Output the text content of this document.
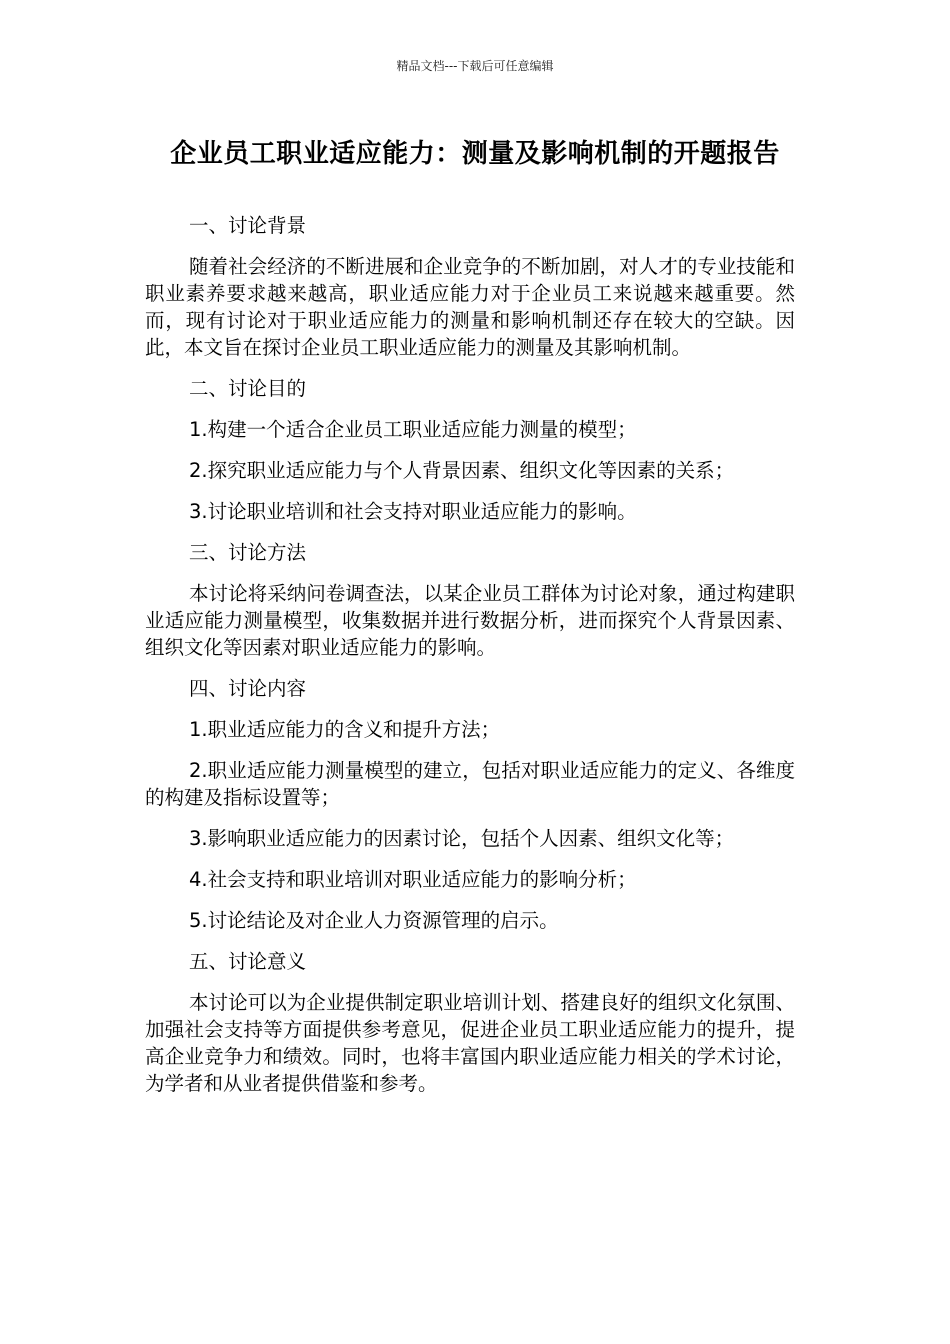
精品文档---下载后可任意编辑
企业员工职业适应能力：测量及影响机制的开题报告

一、讨论背景

随着社会经济的不断进展和企业竞争的不断加剧，对人才的专业技能和职业素养要求越来越高，职业适应能力对于企业员工来说越来越重要。然而，现有讨论对于职业适应能力的测量和影响机制还存在较大的空缺。因此，本文旨在探讨企业员工职业适应能力的测量及其影响机制。

二、讨论目的

1.构建一个适合企业员工职业适应能力测量的模型；

2.探究职业适应能力与个人背景因素、组织文化等因素的关系；

3.讨论职业培训和社会支持对职业适应能力的影响。

三、讨论方法

本讨论将采纳问卷调查法，以某企业员工群体为讨论对象，通过构建职业适应能力测量模型，收集数据并进行数据分析，进而探究个人背景因素、组织文化等因素对职业适应能力的影响。

四、讨论内容

1.职业适应能力的含义和提升方法；

2.职业适应能力测量模型的建立，包括对职业适应能力的定义、各维度的构建及指标设置等；

3.影响职业适应能力的因素讨论，包括个人因素、组织文化等；

4.社会支持和职业培训对职业适应能力的影响分析；

5.讨论结论及对企业人力资源管理的启示。

五、讨论意义

本讨论可以为企业提供制定职业培训计划、搭建良好的组织文化氛围、加强社会支持等方面提供参考意见，促进企业员工职业适应能力的提升，提高企业竞争力和绩效。同时，也将丰富国内职业适应能力相关的学术讨论，为学者和从业者提供借鉴和参考。
